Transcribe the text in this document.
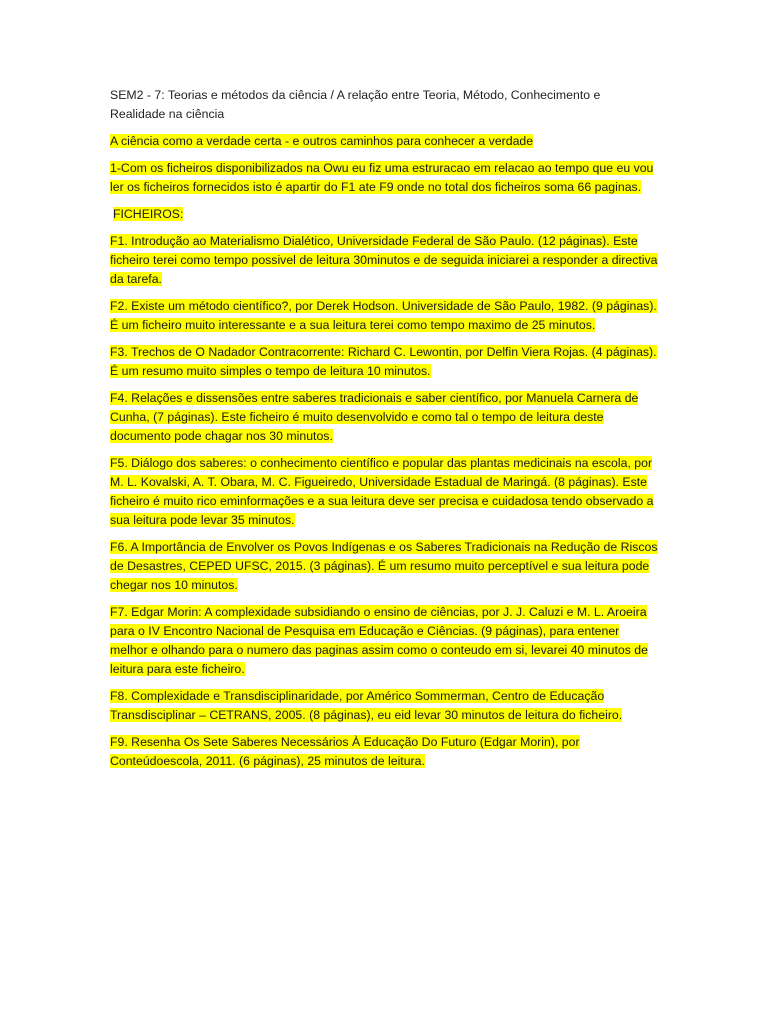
SEM2 - 7: Teorias e métodos da ciência / A relação entre Teoria, Método, Conhecimento e Realidade na ciência

A ciência como a verdade certa - e outros caminhos para conhecer a verdade

1-Com os ficheiros disponibilizados na Owu eu fiz uma estruracao em relacao ao tempo que eu vou ler os ficheiros fornecidos isto é apartir do F1 ate F9 onde no total dos ficheiros soma 66 paginas.

FICHEIROS:

F1. Introdução ao Materialismo Dialético, Universidade Federal de São Paulo. (12 páginas). Este ficheiro terei como tempo possivel de leitura 30minutos e de seguida iniciarei a responder a directiva da tarefa.

F2. Existe um método científico?, por Derek Hodson. Universidade de São Paulo, 1982. (9 páginas). É um ficheiro muito interessante e a sua leitura terei como tempo maximo de 25 minutos.

F3. Trechos de O Nadador Contracorrente: Richard C. Lewontin, por Delfin Viera Rojas. (4 páginas). É um resumo muito simples o tempo de leitura 10 minutos.

F4. Relações e dissensões entre saberes tradicionais e saber científico, por Manuela Carnera de Cunha, (7 páginas). Este ficheiro é muito desenvolvido e como tal o tempo de leitura deste documento pode chagar nos 30 minutos.

F5. Diálogo dos saberes: o conhecimento científico e popular das plantas medicinais na escola, por M. L. Kovalski, A. T. Obara, M. C. Figueiredo, Universidade Estadual de Maringá. (8 páginas). Este ficheiro é muito rico eminformações e a sua leitura deve ser precisa e cuidadosa tendo observado a sua leitura pode levar 35 minutos.

F6. A Importância de Envolver os Povos Indígenas e os Saberes Tradicionais na Redução de Riscos de Desastres, CEPED UFSC, 2015. (3 páginas). É um resumo muito perceptível e sua leitura pode chegar nos 10 minutos.

F7. Edgar Morin: A complexidade subsidiando o ensino de ciências, por J. J. Caluzi e M. L. Aroeira para o IV Encontro Nacional de Pesquisa em Educação e Ciências. (9 páginas), para entener melhor e olhando para o numero das paginas assim como o conteudo em si, levarei 40 minutos de leitura para este ficheiro.

F8. Complexidade e Transdisciplinaridade, por Américo Sommerman, Centro de Educação Transdisciplinar – CETRANS, 2005. (8 páginas), eu eid levar 30 minutos de leitura do ficheiro.

F9. Resenha Os Sete Saberes Necessários À Educação Do Futuro (Edgar Morin), por Conteúdoescola, 2011. (6 páginas), 25 minutos de leitura.
